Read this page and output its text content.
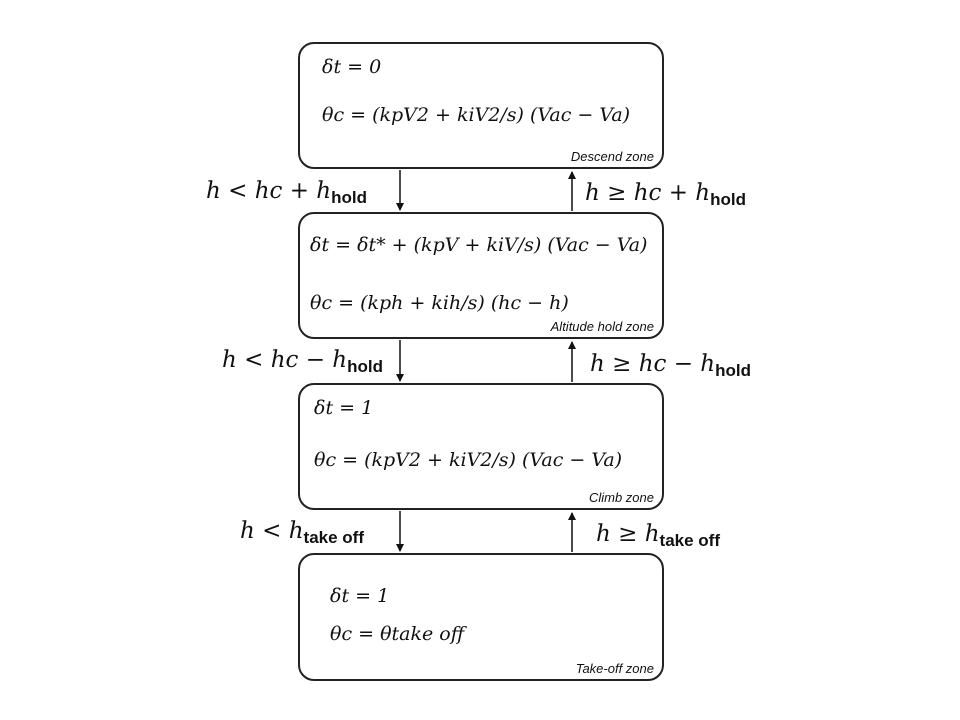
δt = 0
θc = (kpV2 + kiV2/s) (Vac − Va)
Descend zone
δt = δt* + (kpV + kiV/s) (Vac − Va)
θc = (kph + kih/s) (hc − h)
Altitude hold zone
δt = 1
θc = (kpV2 + kiV2/s) (Vac − Va)
Climb zone
δt = 1
θc = θtake off
Take-off zone
h < hc + $h_{hold}$	h ≥ hc + $h_{hold}$
h < hc − $h_{hold}$	h ≥ hc − $h_{hold}$
$h < h_{take off}$	$h \ge h_{take off}$
